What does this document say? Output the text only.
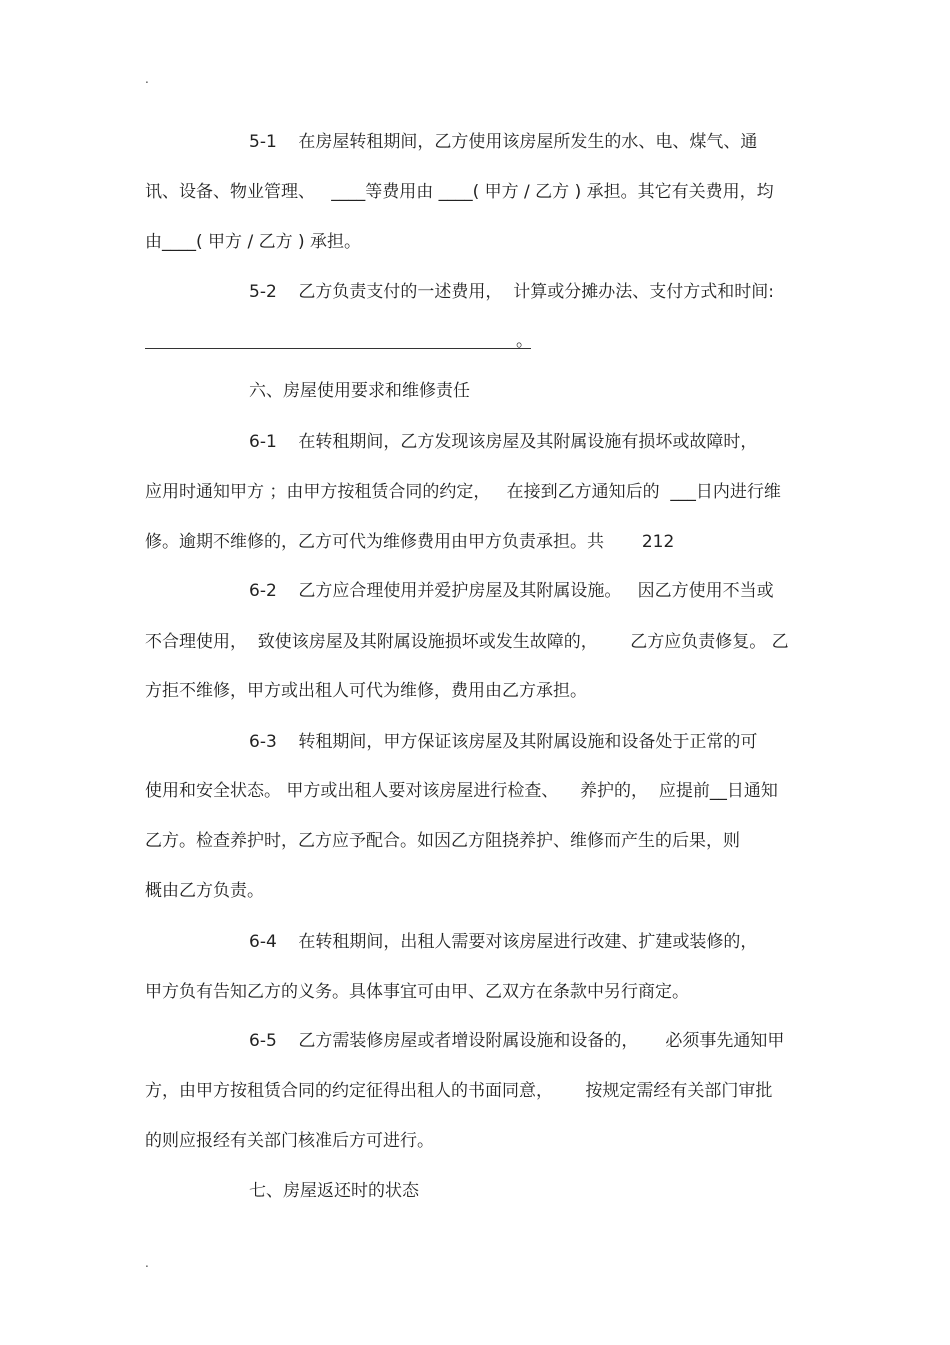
.
5-1    在房屋转租期间，乙方使用该房屋所发生的水、电、煤气、通
讯、设备、物业管理、   ____等费用由 ____( 甲方 / 乙方 ) 承担。其它有关费用，均
由____( 甲方 / 乙方 ) 承担。
5-2    乙方负责支付的一述费用，  计算或分摊办法、支付方式和时间:
。
六、房屋使用要求和维修责任
6-1    在转租期间，乙方发现该房屋及其附属设施有损坏或故障时，
应用时通知甲方 ；由甲方按租赁合同的约定，   在接到乙方通知后的  ___日内进行维
修。逾期不维修的，乙方可代为维修费用由甲方负责承担。共       212
6-2    乙方应合理使用并爱护房屋及其附属设施。   因乙方使用不当或
不合理使用，  致使该房屋及其附属设施损坏或发生故障的，      乙方应负责修复。 乙
方拒不维修，甲方或出租人可代为维修，费用由乙方承担。
6-3    转租期间，甲方保证该房屋及其附属设施和设备处于正常的可
使用和安全状态。 甲方或出租人要对该房屋进行检查、    养护的，  应提前__日通知
乙方。检查养护时，乙方应予配合。如因乙方阻挠养护、维修而产生的后果，则
概由乙方负责。
6-4    在转租期间，出租人需要对该房屋进行改建、扩建或装修的，
甲方负有告知乙方的义务。具体事宜可由甲、乙双方在条款中另行商定。
6-5    乙方需装修房屋或者增设附属设施和设备的，     必须事先通知甲
方，由甲方按租赁合同的约定征得出租人的书面同意，      按规定需经有关部门审批
的则应报经有关部门核准后方可进行。
七、房屋返还时的状态
.
